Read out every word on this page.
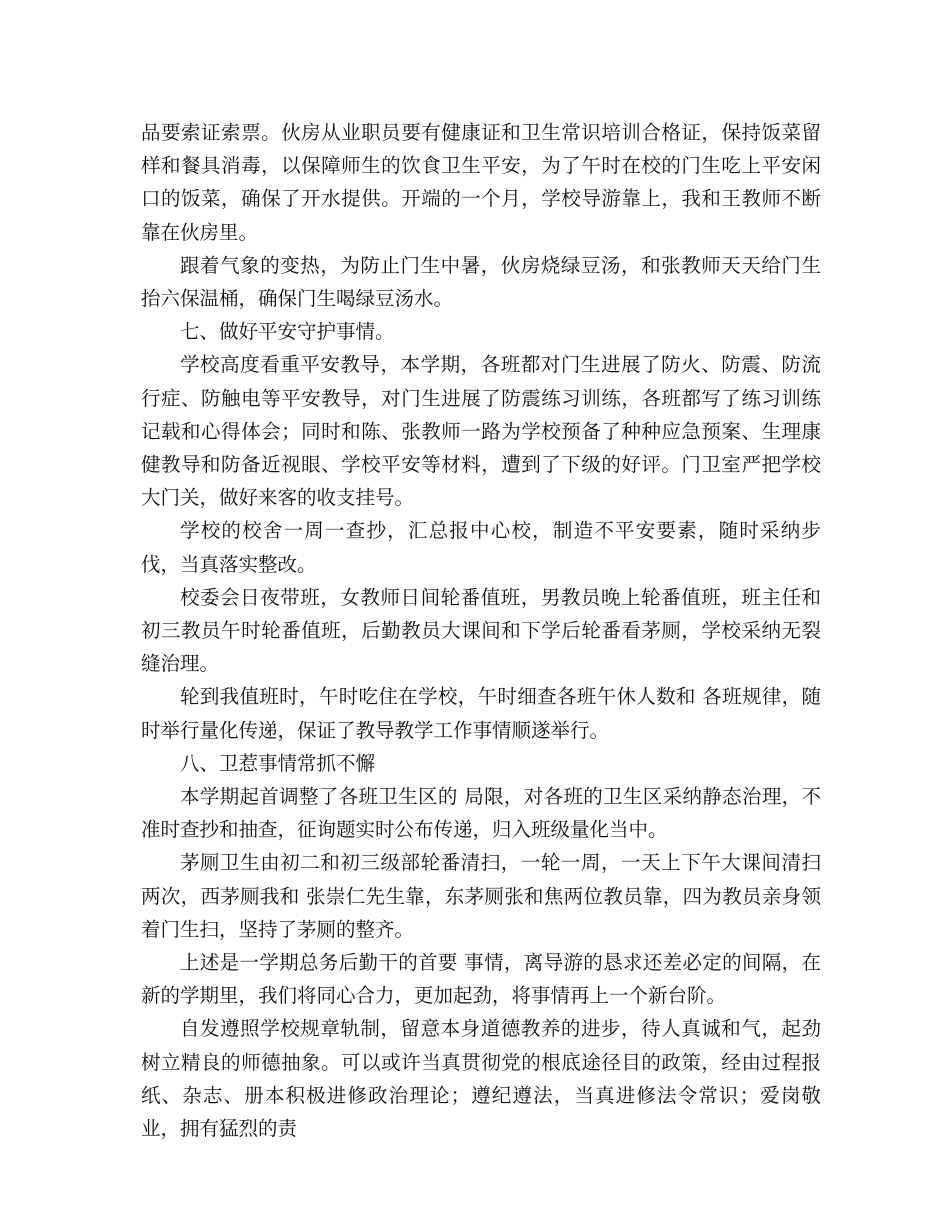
品要索证索票。伙房从业职员要有健康证和卫生常识培训合格证，保持饭菜留样和餐具消毒，以保障师生的饮食卫生平安，为了午时在校的门生吃上平安闲口的饭菜，确保了开水提供。开端的一个月，学校导游靠上，我和王教师不断靠在伙房里。

跟着气象的变热，为防止门生中暑，伙房烧绿豆汤，和张教师天天给门生抬六保温桶，确保门生喝绿豆汤水。

七、做好平安守护事情。

学校高度看重平安教导，本学期，各班都对门生进展了防火、防震、防流行症、防触电等平安教导，对门生进展了防震练习训练，各班都写了练习训练记载和心得体会；同时和陈、张教师一路为学校预备了种种应急预案、生理康健教导和防备近视眼、学校平安等材料，遭到了下级的好评。门卫室严把学校大门关，做好来客的收支挂号。

学校的校舍一周一查抄，汇总报中心校，制造不平安要素，随时采纳步伐，当真落实整改。

校委会日夜带班，女教师日间轮番值班，男教员晚上轮番值班，班主任和初三教员午时轮番值班，后勤教员大课间和下学后轮番看茅厕，学校采纳无裂缝治理。

轮到我值班时，午时吃住在学校，午时细查各班午休人数和 各班规律，随时举行量化传递，保证了教导教学工作事情顺遂举行。

八、卫惹事情常抓不懈

本学期起首调整了各班卫生区的 局限，对各班的卫生区采纳静态治理，不准时查抄和抽查，征询题实时公布传递，归入班级量化当中。

茅厕卫生由初二和初三级部轮番清扫，一轮一周，一天上下午大课间清扫两次，西茅厕我和 张崇仁先生靠，东茅厕张和焦两位教员靠，四为教员亲身领着门生扫，坚持了茅厕的整齐。

上述是一学期总务后勤干的首要 事情，离导游的恳求还差必定的间隔，在新的学期里，我们将同心合力，更加起劲，将事情再上一个新台阶。

自发遵照学校规章轨制，留意本身道德教养的进步，待人真诚和气，起劲树立精良的师德抽象。可以或许当真贯彻党的根底途径目的政策，经由过程报纸、杂志、册本积极进修政治理论；遵纪遵法，当真进修法令常识；爱岗敬业，拥有猛烈的责
